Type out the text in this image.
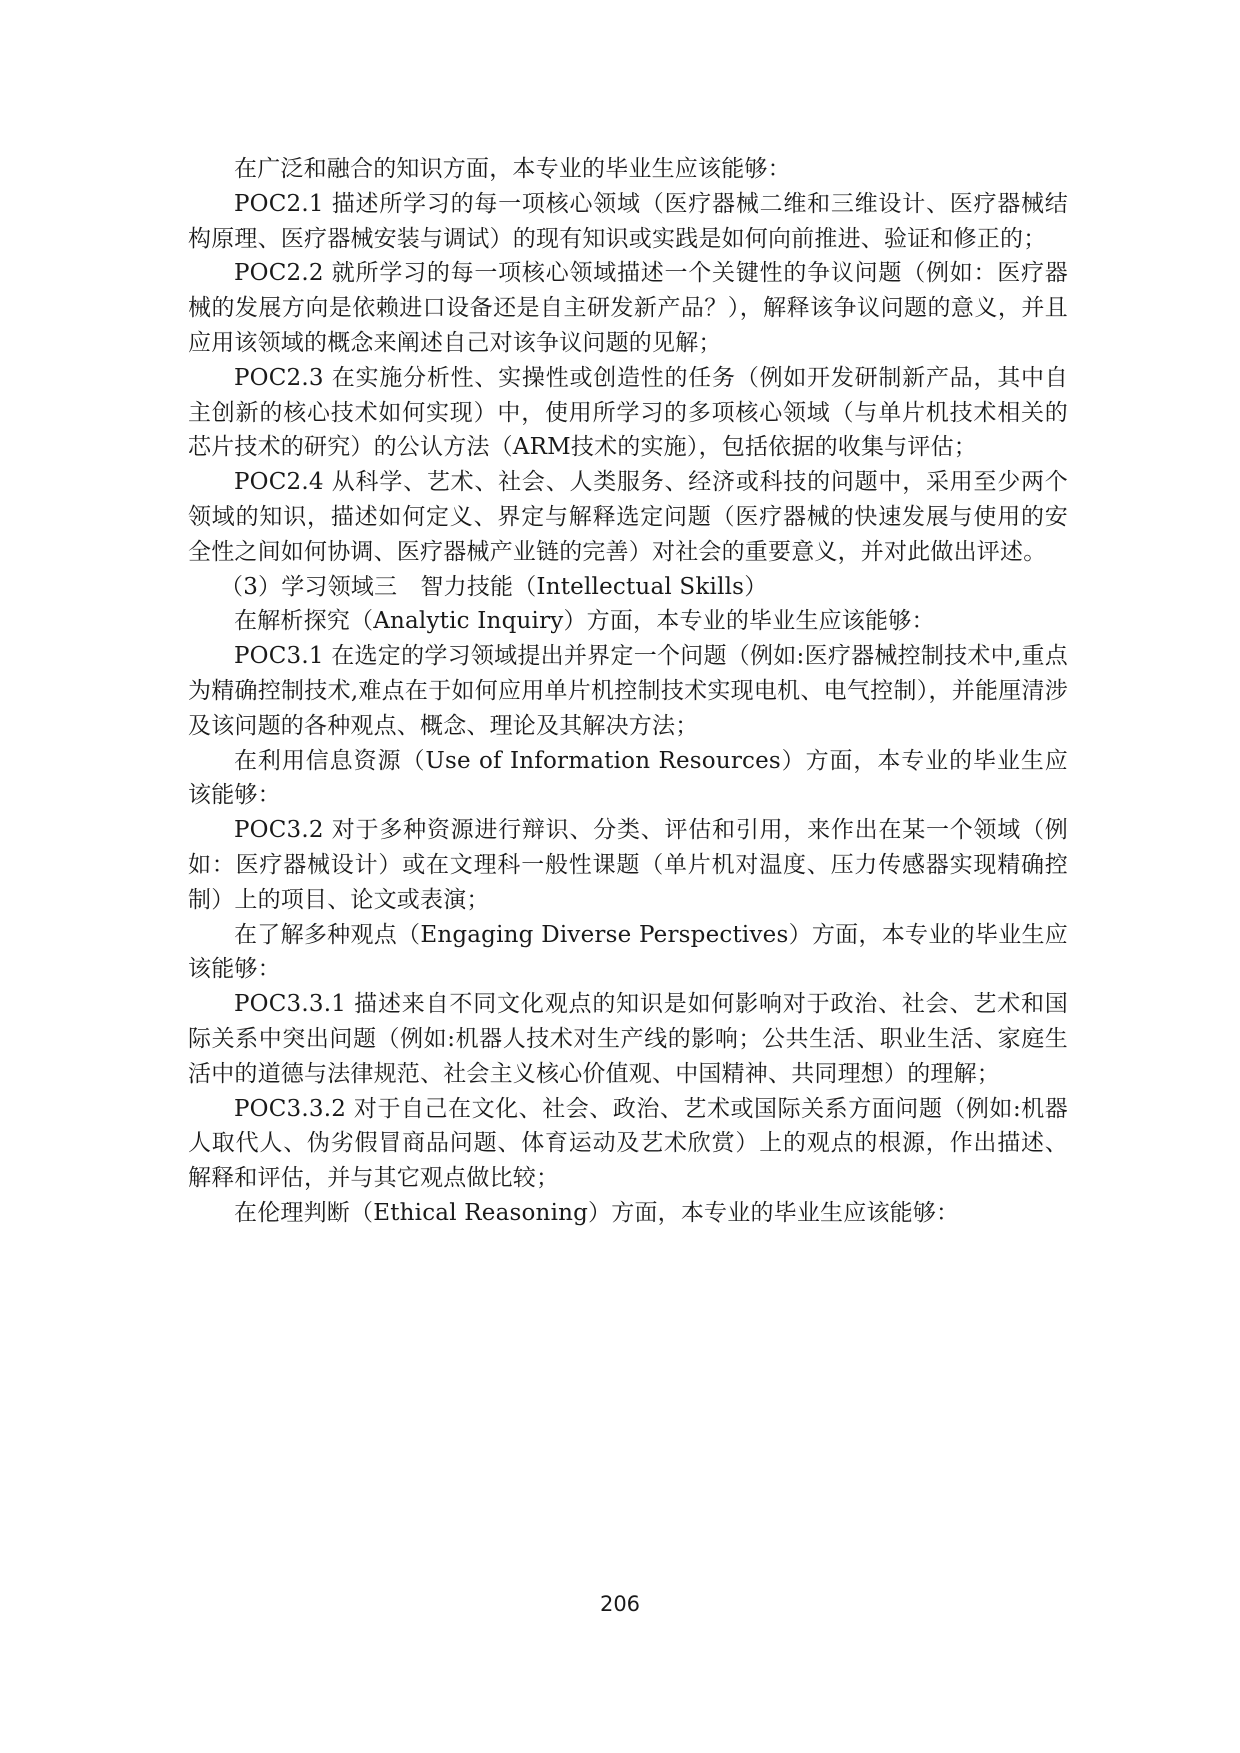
在广泛和融合的知识方面，本专业的毕业生应该能够：

POC2.1 描述所学习的每一项核心领域（医疗器械二维和三维设计、医疗器械结构原理、医疗器械安装与调试）的现有知识或实践是如何向前推进、验证和修正的；

POC2.2 就所学习的每一项核心领域描述一个关键性的争议问题（例如：医疗器械的发展方向是依赖进口设备还是自主研发新产品？），解释该争议问题的意义，并且应用该领域的概念来阐述自己对该争议问题的见解；

POC2.3 在实施分析性、实操性或创造性的任务（例如开发研制新产品，其中自主创新的核心技术如何实现）中，使用所学习的多项核心领域（与单片机技术相关的芯片技术的研究）的公认方法（ARM技术的实施），包括依据的收集与评估；

POC2.4 从科学、艺术、社会、人类服务、经济或科技的问题中，采用至少两个领域的知识，描述如何定义、界定与解释选定问题（医疗器械的快速发展与使用的安全性之间如何协调、医疗器械产业链的完善）对社会的重要意义，并对此做出评述。

（3）学习领域三　智力技能（Intellectual Skills）

在解析探究（Analytic Inquiry）方面，本专业的毕业生应该能够：

POC3.1 在选定的学习领域提出并界定一个问题（例如:医疗器械控制技术中,重点为精确控制技术,难点在于如何应用单片机控制技术实现电机、电气控制），并能厘清涉及该问题的各种观点、概念、理论及其解决方法；

在利用信息资源（Use of Information Resources）方面，本专业的毕业生应该能够：

POC3.2 对于多种资源进行辩识、分类、评估和引用，来作出在某一个领域（例如：医疗器械设计）或在文理科一般性课题（单片机对温度、压力传感器实现精确控制）上的项目、论文或表演；

在了解多种观点（Engaging Diverse Perspectives）方面，本专业的毕业生应该能够：

POC3.3.1 描述来自不同文化观点的知识是如何影响对于政治、社会、艺术和国际关系中突出问题（例如:机器人技术对生产线的影响；公共生活、职业生活、家庭生活中的道德与法律规范、社会主义核心价值观、中国精神、共同理想）的理解；

POC3.3.2 对于自己在文化、社会、政治、艺术或国际关系方面问题（例如:机器人取代人、伪劣假冒商品问题、体育运动及艺术欣赏）上的观点的根源，作出描述、解释和评估，并与其它观点做比较；

在伦理判断（Ethical Reasoning）方面，本专业的毕业生应该能够：

206
